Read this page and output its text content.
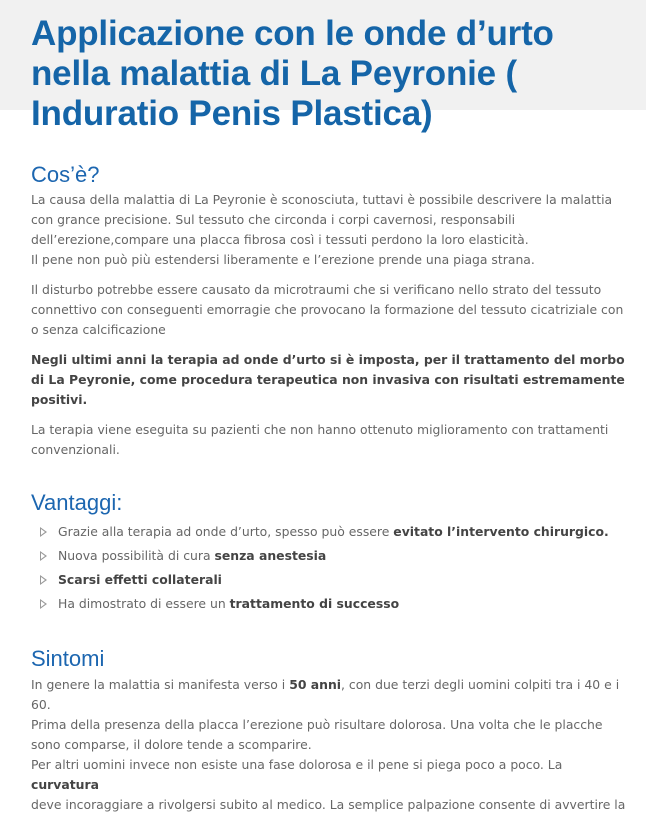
Applicazione con le onde d’urto nella malattia di La Peyronie ( Induratio Penis Plastica)
Cos’è?

La causa della malattia di La Peyronie è sconosciuta, tuttavi è possibile descrivere la malattia con grance precisione. Sul tessuto che circonda i corpi cavernosi, responsabili dell’erezione,compare una placca fibrosa così i tessuti perdono la loro elasticità.

Il pene non può più estendersi liberamente e l’erezione prende una piaga strana.

Il disturbo potrebbe essere causato da microtraumi che si verificano nello strato del tessuto connettivo con conseguenti emorragie che provocano la formazione del tessuto cicatriziale con o senza calcificazione

Negli ultimi anni la terapia ad onde d’urto si è imposta, per il trattamento del morbo di La Peyronie, come procedura terapeutica non invasiva con risultati estremamente positivi.

La terapia viene eseguita su pazienti che non hanno ottenuto miglioramento con trattamenti convenzionali.

Vantaggi:
Grazie alla terapia ad onde d’urto, spesso può essere evitato l’intervento chirurgico.
Nuova possibilità di cura senza anestesia
Scarsi effetti collaterali
Ha dimostrato di essere un trattamento di successo
Sintomi

In genere la malattia si manifesta verso i 50 anni, con due terzi degli uomini colpiti tra i 40 e i 60.

Prima della presenza della placca l’erezione può risultare dolorosa. Una volta che le placche sono comparse, il dolore tende a scomparire.

Per altri uomini invece non esiste una fase dolorosa e il pene si piega poco a poco. La curvatura

deve incoraggiare a rivolgersi subito al medico. La semplice palpazione consente di avvertire la
